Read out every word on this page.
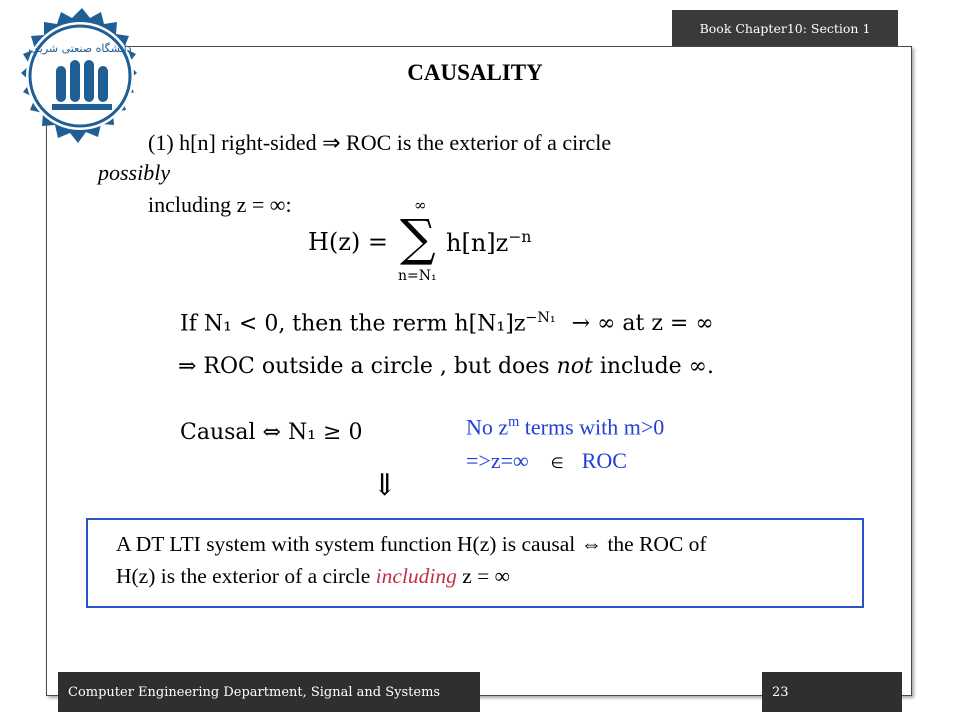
Book Chapter10: Section 1
دانشگاه صنعتی شریف
CAUSALITY
(1) h[n] right-sided ⇒ ROC is the exterior of a circle
possibly
including z = ∞:
H(z) =
∞
∑
n=N₁
$h[n]z^{-n}$
If N₁ < 0, then the rerm $h[N_1]z^{-N_1}$ → ∞ at z = ∞
⇒ ROC outside a circle , but does not include ∞.
Causal ⇔ N₁ ≥ 0	No $z^m$ terms with m>0
=>z=∞ ∈ ROC
⇓
A DT LTI system with system function H(z) is causal ⇔ the ROC of
H(z) is the exterior of a circle including z = ∞
Computer Engineering Department, Signal and Systems	23
